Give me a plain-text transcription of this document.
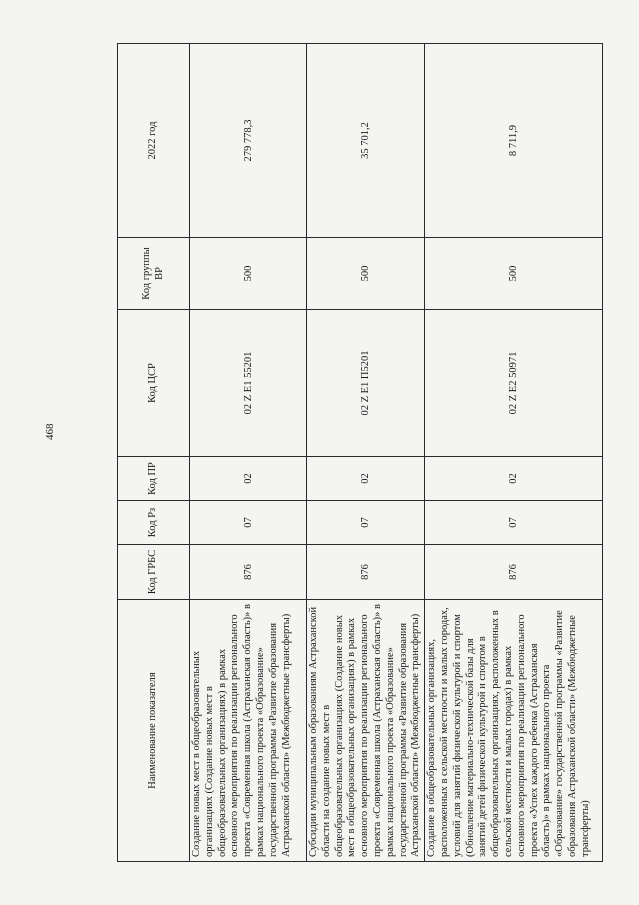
468
Наименование показателя	Код ГРБС	Код Рз	Код ПР	Код ЦСР	Код группы ВР	2022 год
Создание новых мест в общеобразовательных организациях (Создание новых мест в общеобразовательных организациях) в рамках основного мероприятия по реализации регионального проекта «Современная школа (Астраханская область)» в рамках национального проекта «Образование» государственной программы «Развитие образования Астраханской области» (Межбюджетные трансферты)	876	07	02	02 Z E1 55201	500	279 778,3
Субсидии муниципальным образованиям Астраханской области на создание новых мест в общеобразовательных организациях (Создание новых мест в общеобразовательных организациях) в рамках основного мероприятия по реализации регионального проекта «Современная школа (Астраханская область)» в рамках национального проекта «Образование» государственной программы «Развитие образования Астраханской области» (Межбюджетные трансферты)	876	07	02	02 Z E1 П5201	500	35 701,2
Создание в общеобразовательных организациях, расположенных в сельской местности и малых городах, условий для занятий физической культурой и спортом (Обновление материально-технической базы для занятий детей физической культурой и спортом в общеобразовательных организациях, расположенных в сельской местности и малых городах) в рамках основного мероприятия по реализации регионального проекта «Успех каждого ребенка (Астраханская область)» в рамках национального проекта «Образование» государственной программы «Развитие образования Астраханской области» (Межбюджетные трансферты)	876	07	02	02 Z E2 50971	500	8 711,9
